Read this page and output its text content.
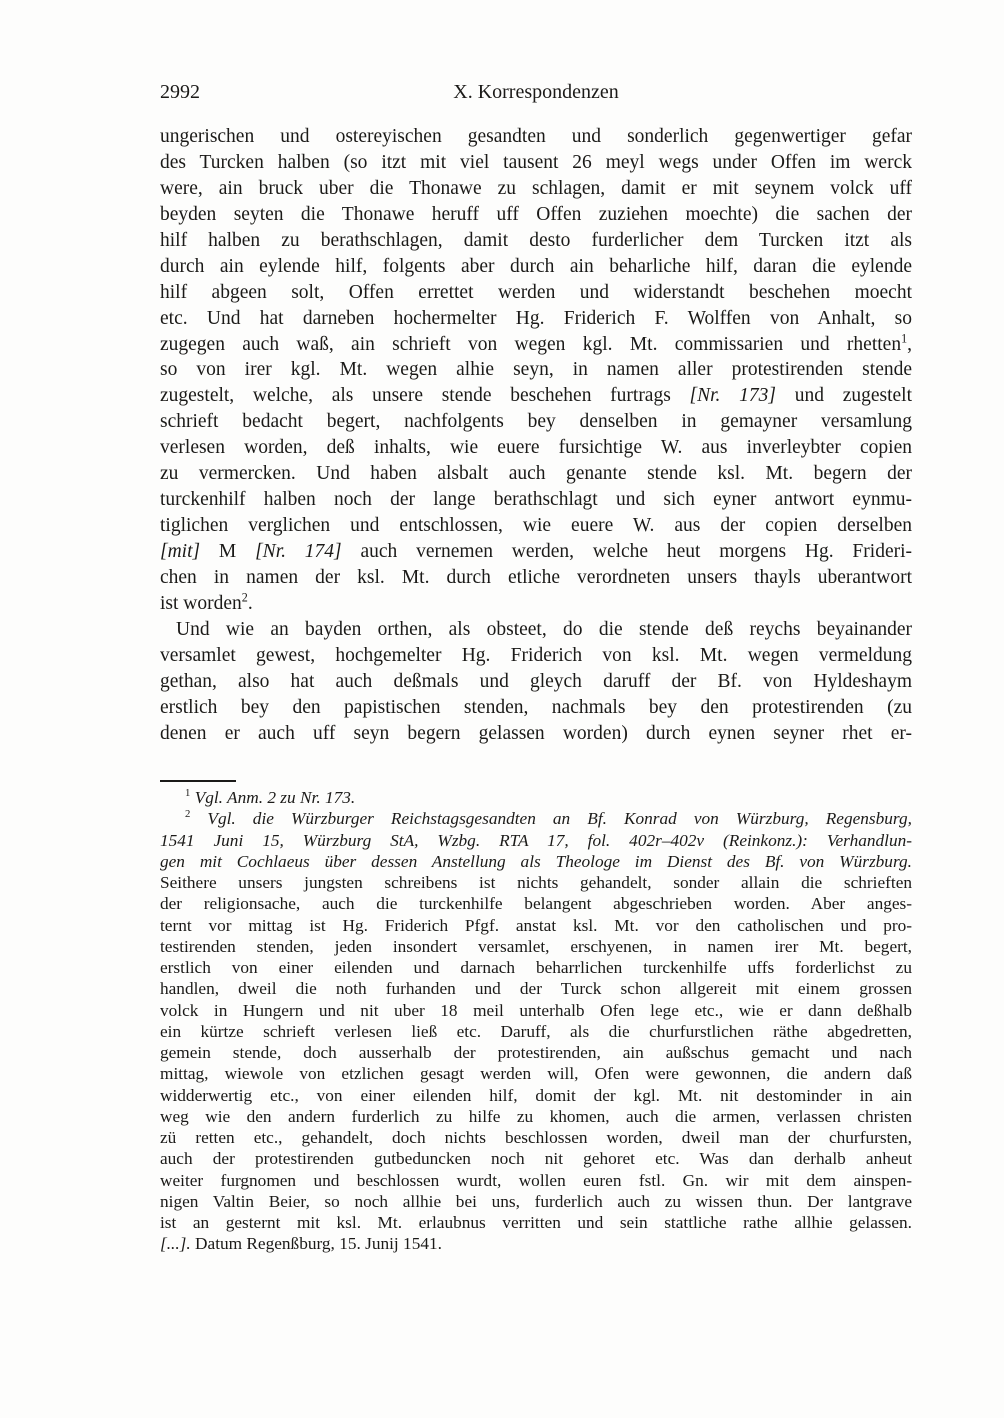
2992	X. Korrespondenzen
ungerischen und ostereyischen gesandten und sonderlich gegenwertiger gefar
des Turcken halben (so itzt mit viel tausent 26 meyl wegs under Offen im werck
were, ain bruck uber die Thonawe zu schlagen, damit er mit seynem volck uff
beyden seyten die Thonawe heruff uff Offen zuziehen moechte) die sachen der
hilf halben zu berathschlagen, damit desto furderlicher dem Turcken itzt als
durch ain eylende hilf, folgents aber durch ain beharliche hilf, daran die eylende
hilf abgeen solt, Offen errettet werden und widerstandt beschehen moecht
etc. Und hat darneben hochermelter Hg. Friderich F. Wolffen von Anhalt, so
zugegen auch waß, ain schrieft von wegen kgl. Mt. commissarien und rhetten$^1$,
so von irer kgl. Mt. wegen alhie seyn, in namen aller protestirenden stende
zugestelt, welche, als unsere stende beschehen furtrags [Nr. 173] und zugestelt
schrieft bedacht begert, nachfolgents bey denselben in gemayner versamlung
verlesen worden, deß inhalts, wie euere fursichtige W. aus inverleybter copien
zu vermercken. Und haben alsbalt auch genante stende ksl. Mt. begern der
turckenhilf halben noch der lange berathschlagt und sich eyner antwort eynmu-
tiglichen verglichen und entschlossen, wie euere W. aus der copien derselben
[mit] M [Nr. 174] auch vernemen werden, welche heut morgens Hg. Frideri-
chen in namen der ksl. Mt. durch etliche verordneten unsers thayls uberantwort
ist worden$^2$.
Und wie an bayden orthen, als obsteet, do die stende deß reychs beyainander
versamlet gewest, hochgemelter Hg. Friderich von ksl. Mt. wegen vermeldung
gethan, also hat auch deßmals und gleych daruff der Bf. von Hyldeshaym
erstlich bey den papistischen stenden, nachmals bey den protestirenden (zu
denen er auch uff seyn begern gelassen worden) durch eynen seyner rhet er-
$^1$ Vgl. Anm. 2 zu Nr. 173.
$^2$ Vgl. die Würzburger Reichstagsgesandten an Bf. Konrad von Würzburg, Regensburg,
1541 Juni 15, Würzburg StA, Wzbg. RTA 17, fol. 402r–402v (Reinkonz.): Verhandlun-
gen mit Cochlaeus über dessen Anstellung als Theologe im Dienst des Bf. von Würzburg.
Seithere unsers jungsten schreibens ist nichts gehandelt, sonder allain die schrieften
der religionsache, auch die turckenhilfe belangent abgeschrieben worden. Aber anges-
ternt vor mittag ist Hg. Friderich Pfgf. anstat ksl. Mt. vor den catholischen und pro-
testirenden stenden, jeden insondert versamlet, erschyenen, in namen irer Mt. begert,
erstlich von einer eilenden und darnach beharrlichen turckenhilfe uffs forderlichst zu
handlen, dweil die noth furhanden und der Turck schon allgereit mit einem grossen
volck in Hungern und nit uber 18 meil unterhalb Ofen lege etc., wie er dann deßhalb
ein kürtze schrieft verlesen ließ etc. Daruff, als die churfurstlichen räthe abgedretten,
gemein stende, doch ausserhalb der protestirenden, ain außschus gemacht und nach
mittag, wiewole von etzlichen gesagt werden will, Ofen were gewonnen, die andern daß
widderwertig etc., von einer eilenden hilf, domit der kgl. Mt. nit destominder in ain
weg wie den andern furderlich zu hilfe zu khomen, auch die armen, verlassen christen
zü retten etc., gehandelt, doch nichts beschlossen worden, dweil man der churfursten,
auch der protestirenden gutbeduncken noch nit gehoret etc. Was dan derhalb anheut
weiter furgnomen und beschlossen wurdt, wollen euren fstl. Gn. wir mit dem ainspen-
nigen Valtin Beier, so noch allhie bei uns, furderlich auch zu wissen thun. Der lantgrave
ist an gesternt mit ksl. Mt. erlaubnus verritten und sein stattliche rathe allhie gelassen.
[...]. Datum Regenßburg, 15. Junij 1541.
